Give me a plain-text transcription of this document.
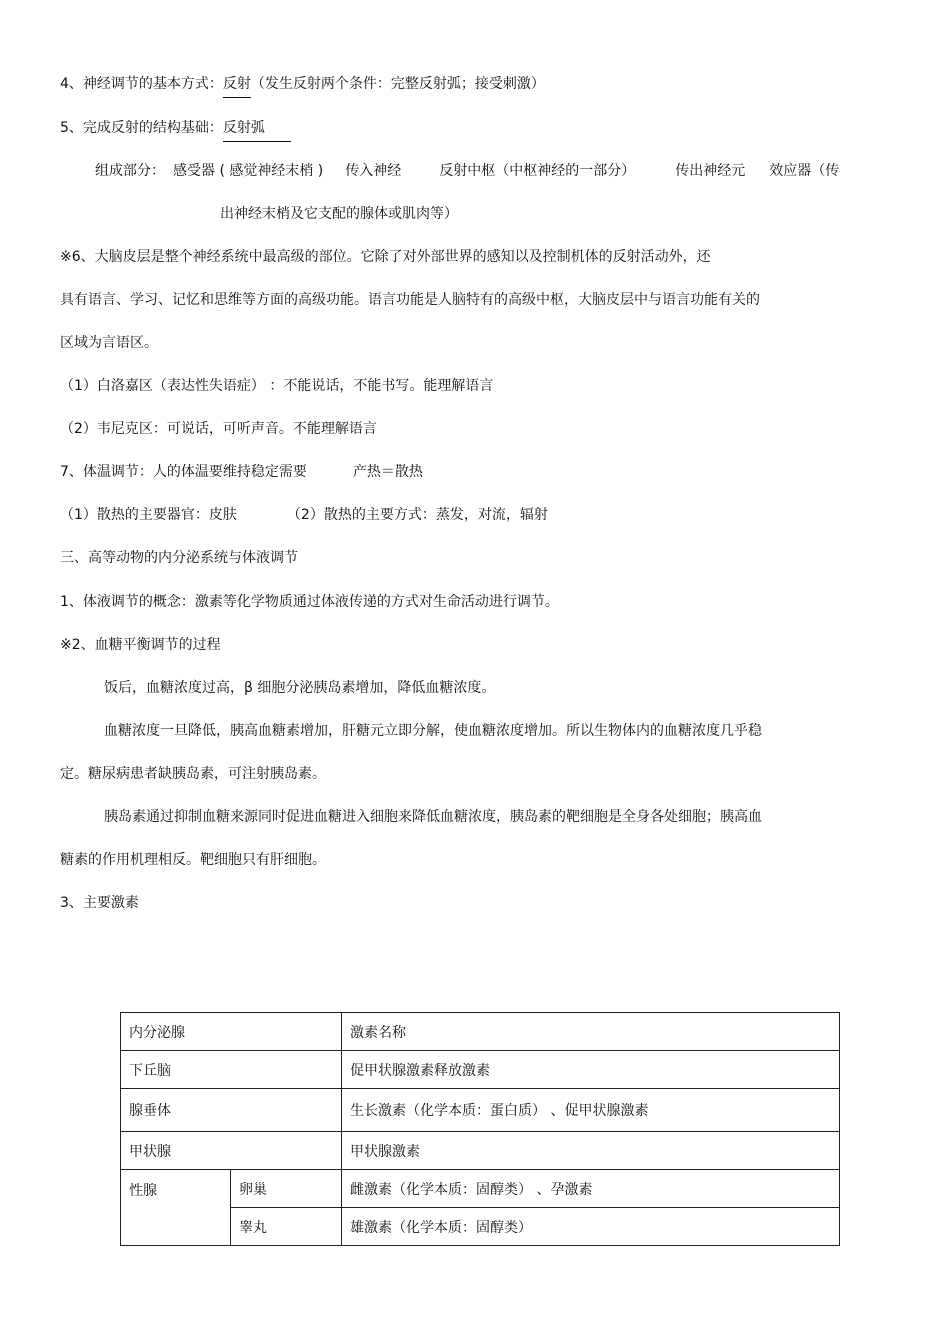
4、神经调节的基本方式：反射（发生反射两个条件：完整反射弧；接受刺激）
5、完成反射的结构基础：反射弧
组成部分： 感受器 ( 感觉神经末梢 ) 传入神经	反射中枢（中枢神经的一部分）	传出神经元 效应器（传
出神经末梢及它支配的腺体或肌肉等）
※6、大脑皮层是整个神经系统中最高级的部位。它除了对外部世界的感知以及控制机体的反射活动外，还
具有语言、学习、记忆和思维等方面的高级功能。语言功能是人脑特有的高级中枢，大脑皮层中与语言功能有关的
区域为言语区。
（1）白洛嘉区（表达性失语症） ：不能说话，不能书写。能理解语言
（2）韦尼克区：可说话，可听声音。不能理解语言
7、体温调节：人的体温要维持稳定需要	产热＝散热
（1）散热的主要器官：皮肤	（2）散热的主要方式：蒸发，对流，辐射
三、高等动物的内分泌系统与体液调节
1、体液调节的概念：激素等化学物质通过体液传递的方式对生命活动进行调节。
※2、血糖平衡调节的过程
饭后，血糖浓度过高，β 细胞分泌胰岛素增加，降低血糖浓度。
血糖浓度一旦降低，胰高血糖素增加，肝糖元立即分解，使血糖浓度增加。所以生物体内的血糖浓度几乎稳
定。糖尿病患者缺胰岛素，可注射胰岛素。
胰岛素通过抑制血糖来源同时促进血糖进入细胞来降低血糖浓度，胰岛素的靶细胞是全身各处细胞；胰高血
糖素的作用机理相反。靶细胞只有肝细胞。
3、主要激素
内分泌腺		激素名称
下丘脑		促甲状腺激素释放激素
腺垂体		生长激素（化学本质：蛋白质） 、促甲状腺激素
甲状腺		甲状腺激素
性腺	卵巢	雌激素（化学本质：固醇类） 、孕激素
	睾丸	雄激素（化学本质：固醇类）
